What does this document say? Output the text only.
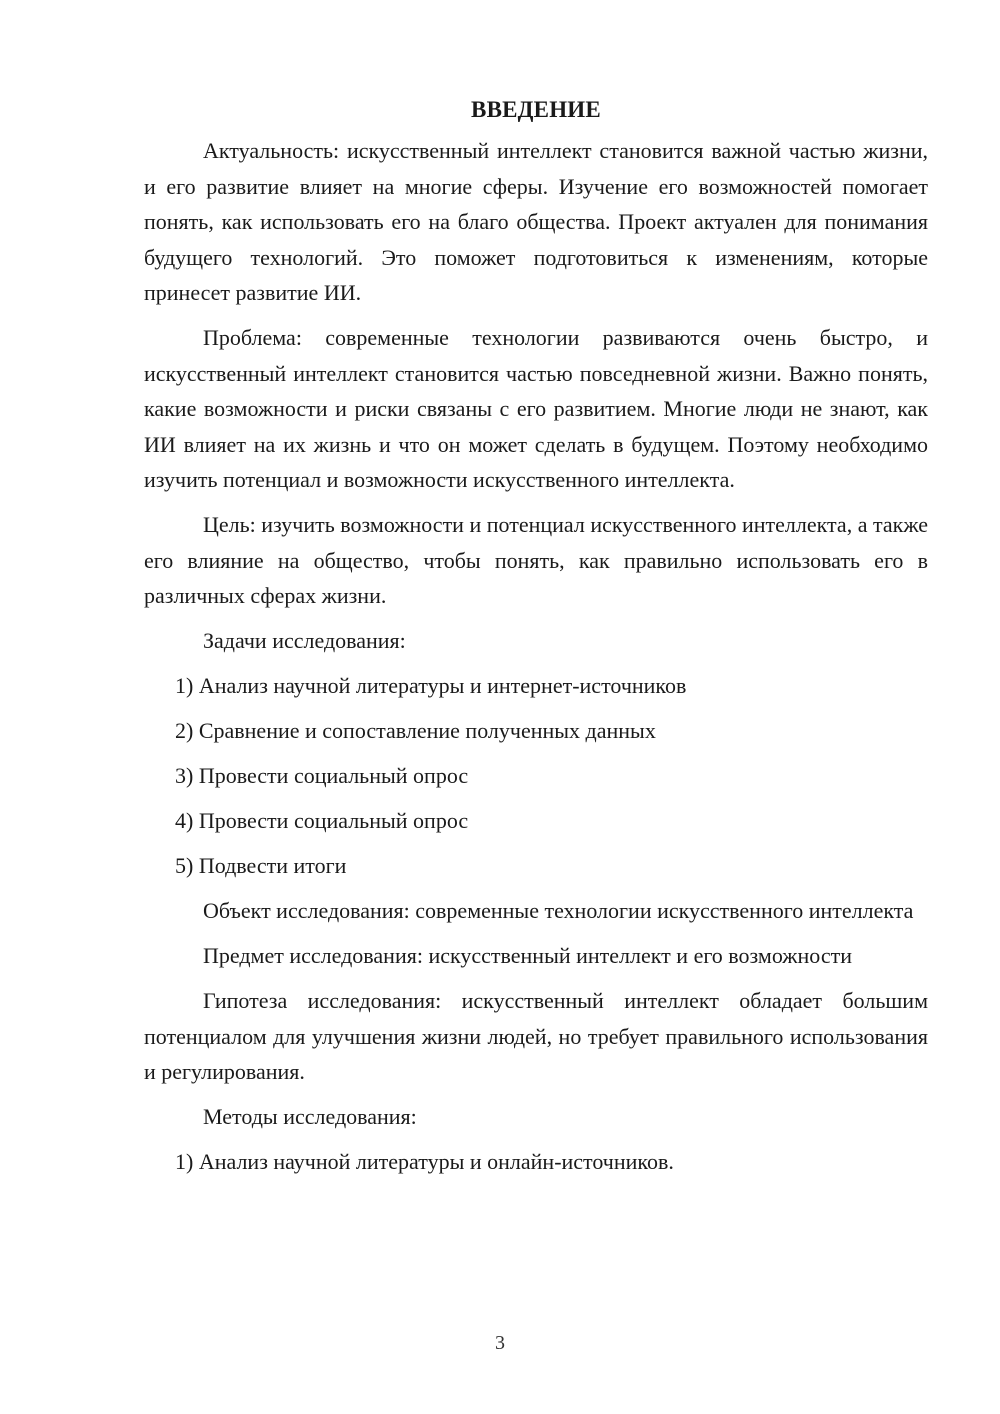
ВВЕДЕНИЕ

Актуальность: искусственный интеллект становится важной частью жизни, и его развитие влияет на многие сферы. Изучение его возможностей помогает понять, как использовать его на благо общества. Проект актуален для понимания будущего технологий. Это поможет подготовиться к изменениям, которые принесет развитие ИИ.

Проблема: современные технологии развиваются очень быстро, и искусственный интеллект становится частью повседневной жизни. Важно понять, какие возможности и риски связаны с его развитием. Многие люди не знают, как ИИ влияет на их жизнь и что он может сделать в будущем. Поэтому необходимо изучить потенциал и возможности искусственного интеллекта.

Цель: изучить возможности и потенциал искусственного интеллекта, а также его влияние на общество, чтобы понять, как правильно использовать его в различных сферах жизни.

Задачи исследования:

1) Анализ научной литературы и интернет-источников
2) Сравнение и сопоставление полученных данных
3) Провести социальный опрос
4) Провести социальный опрос
5) Подвести итоги

Объект исследования: современные технологии искусственного интеллекта

Предмет исследования: искусственный интеллект и его возможности

Гипотеза исследования: искусственный интеллект обладает большим потенциалом для улучшения жизни людей, но требует правильного использования и регулирования.

Методы исследования:

1) Анализ научной литературы и онлайн-источников.
3
